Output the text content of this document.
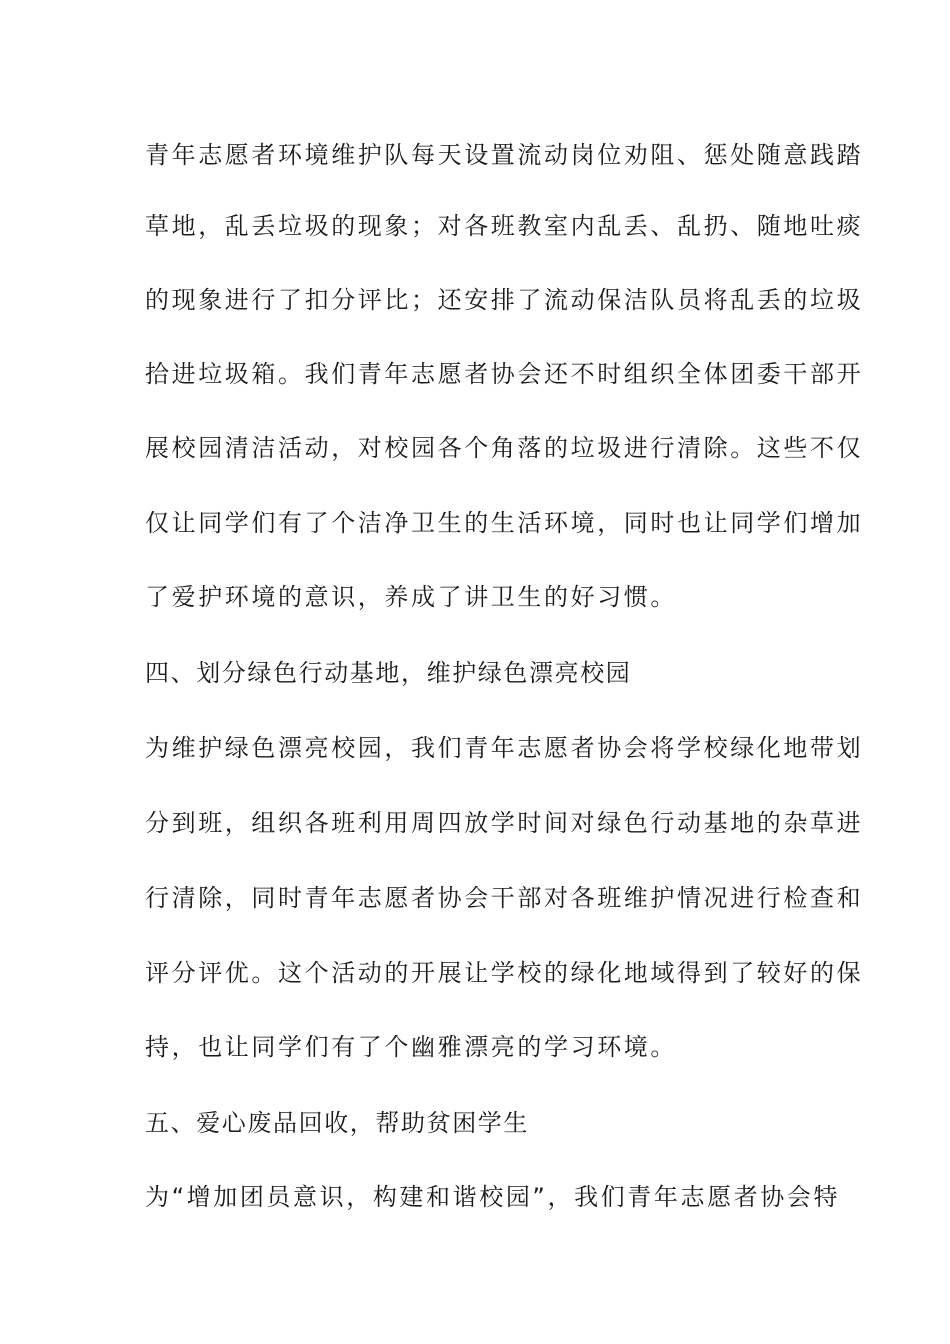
青年志愿者环境维护队每天设置流动岗位劝阻、惩处随意践踏
草地，乱丢垃圾的现象；对各班教室内乱丢、乱扔、随地吐痰
的现象进行了扣分评比；还安排了流动保洁队员将乱丢的垃圾
拾进垃圾箱。我们青年志愿者协会还不时组织全体团委干部开
展校园清洁活动，对校园各个角落的垃圾进行清除。这些不仅
仅让同学们有了个洁净卫生的生活环境，同时也让同学们增加
了爱护环境的意识，养成了讲卫生的好习惯。
四、划分绿色行动基地，维护绿色漂亮校园
为维护绿色漂亮校园，我们青年志愿者协会将学校绿化地带划
分到班，组织各班利用周四放学时间对绿色行动基地的杂草进
行清除，同时青年志愿者协会干部对各班维护情况进行检查和
评分评优。这个活动的开展让学校的绿化地域得到了较好的保
持，也让同学们有了个幽雅漂亮的学习环境。
五、爱心废品回收，帮助贫困学生
为“增加团员意识，构建和谐校园”，我们青年志愿者协会特
